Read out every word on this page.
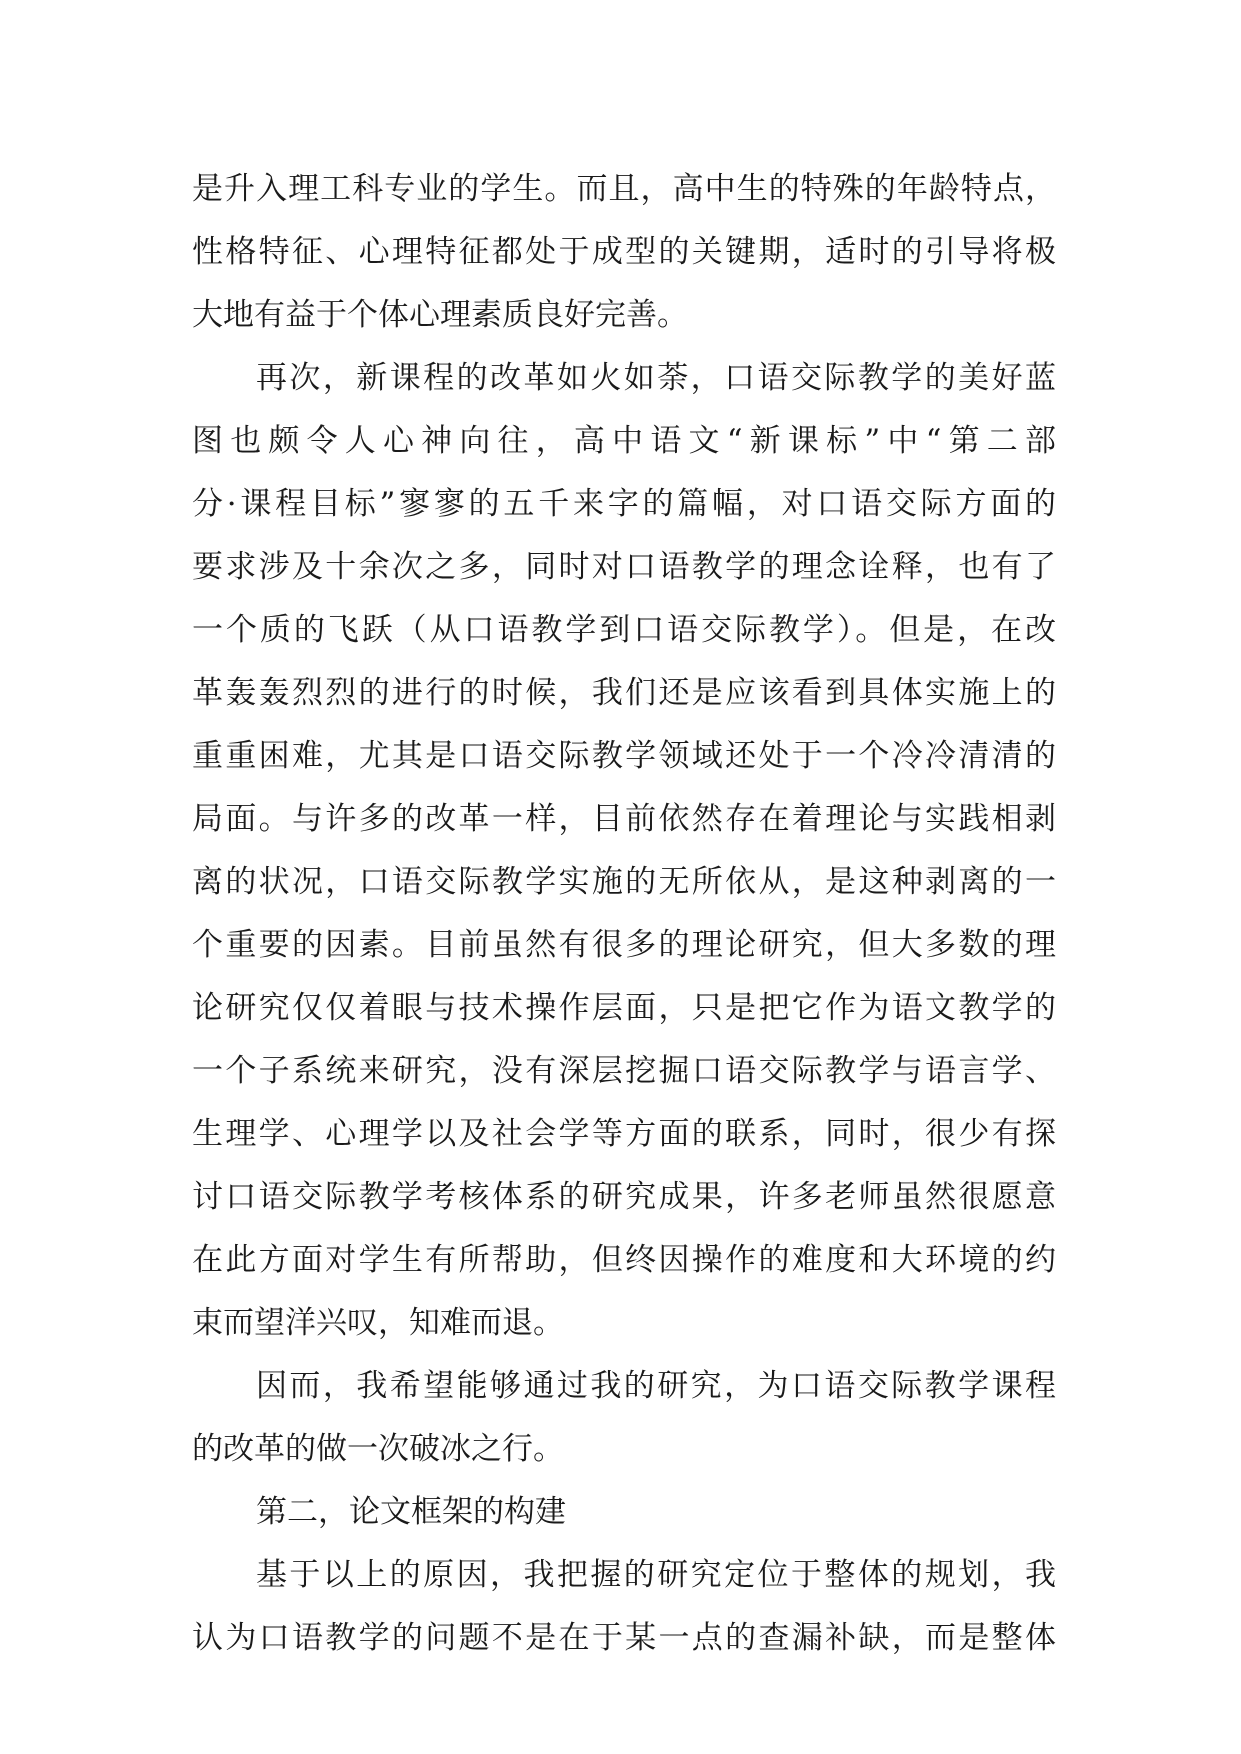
是升入理工科专业的学生。而且，高中生的特殊的年龄特点，
性格特征、心理特征都处于成型的关键期，适时的引导将极
大地有益于个体心理素质良好完善。
再次，新课程的改革如火如荼，口语交际教学的美好蓝
图也颇令人心神向往，高中语文“新课标”中“第二部
分·课程目标”寥寥的五千来字的篇幅，对口语交际方面的
要求涉及十余次之多，同时对口语教学的理念诠释，也有了
一个质的飞跃（从口语教学到口语交际教学）。但是，在改
革轰轰烈烈的进行的时候，我们还是应该看到具体实施上的
重重困难，尤其是口语交际教学领域还处于一个冷冷清清的
局面。与许多的改革一样，目前依然存在着理论与实践相剥
离的状况，口语交际教学实施的无所依从，是这种剥离的一
个重要的因素。目前虽然有很多的理论研究，但大多数的理
论研究仅仅着眼与技术操作层面，只是把它作为语文教学的
一个子系统来研究，没有深层挖掘口语交际教学与语言学、
生理学、心理学以及社会学等方面的联系，同时，很少有探
讨口语交际教学考核体系的研究成果，许多老师虽然很愿意
在此方面对学生有所帮助，但终因操作的难度和大环境的约
束而望洋兴叹，知难而退。
因而，我希望能够通过我的研究，为口语交际教学课程
的改革的做一次破冰之行。
第二，论文框架的构建
基于以上的原因，我把握的研究定位于整体的规划，我
认为口语教学的问题不是在于某一点的查漏补缺，而是整体
